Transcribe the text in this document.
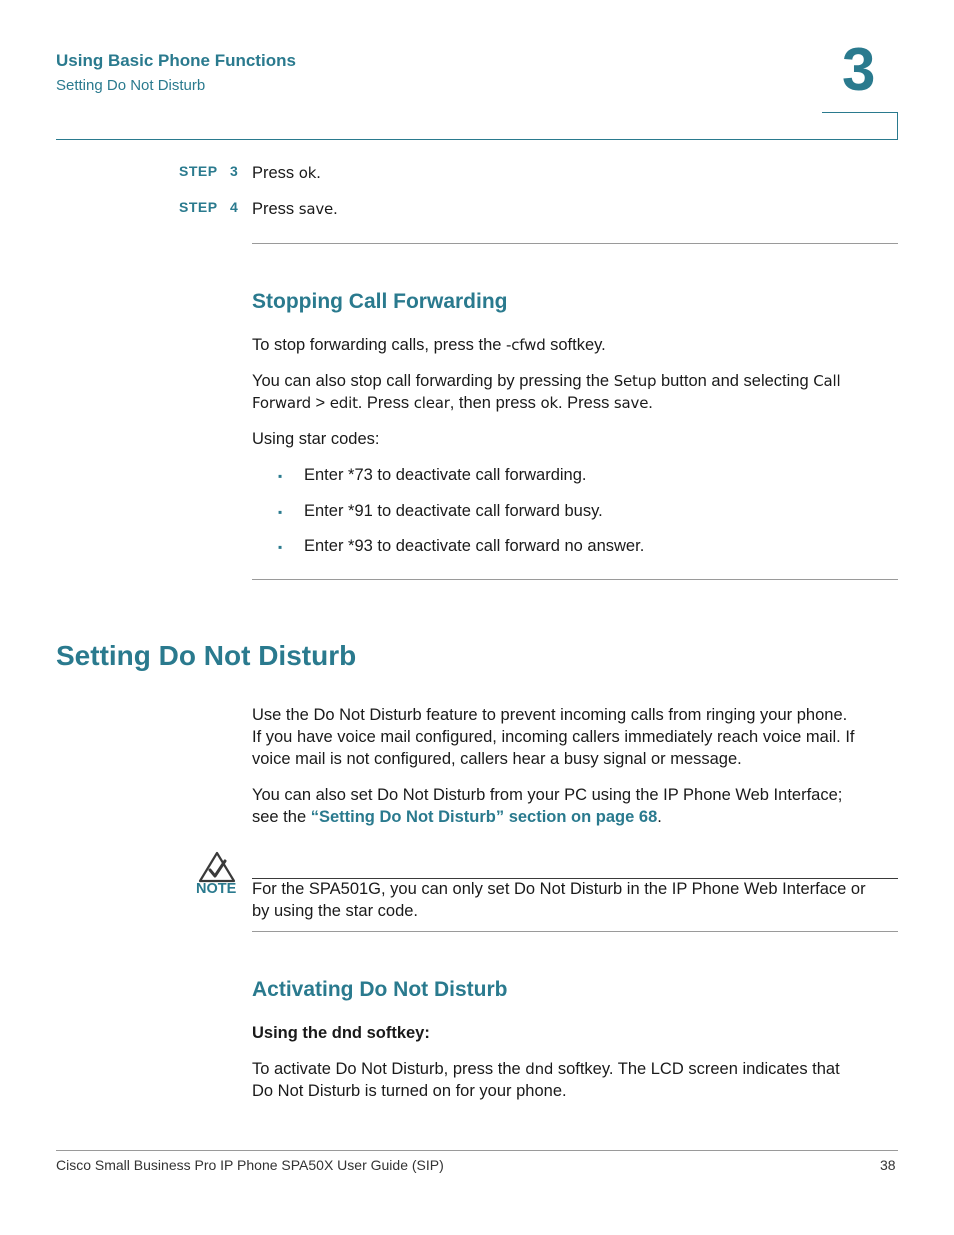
Using Basic Phone Functions
Setting Do Not Disturb	3
STEP 3 Press ok.
STEP 4 Press save.
Stopping Call Forwarding
To stop forwarding calls, press the -cfwd softkey.
You can also stop call forwarding by pressing the Setup button and selecting Call
Forward > edit. Press clear, then press ok. Press save.
Using star codes:
▪ Enter *73 to deactivate call forwarding.
▪ Enter *91 to deactivate call forward busy.
▪ Enter *93 to deactivate call forward no answer.
Setting Do Not Disturb
Use the Do Not Disturb feature to prevent incoming calls from ringing your phone.
If you have voice mail configured, incoming callers immediately reach voice mail. If
voice mail is not configured, callers hear a busy signal or message.
You can also set Do Not Disturb from your PC using the IP Phone Web Interface;
see the “Setting Do Not Disturb” section on page 68.
NOTE For the SPA501G, you can only set Do Not Disturb in the IP Phone Web Interface or
by using the star code.
Activating Do Not Disturb
Using the dnd softkey:
To activate Do Not Disturb, press the dnd softkey. The LCD screen indicates that
Do Not Disturb is turned on for your phone.
Cisco Small Business Pro IP Phone SPA50X User Guide (SIP)	38
